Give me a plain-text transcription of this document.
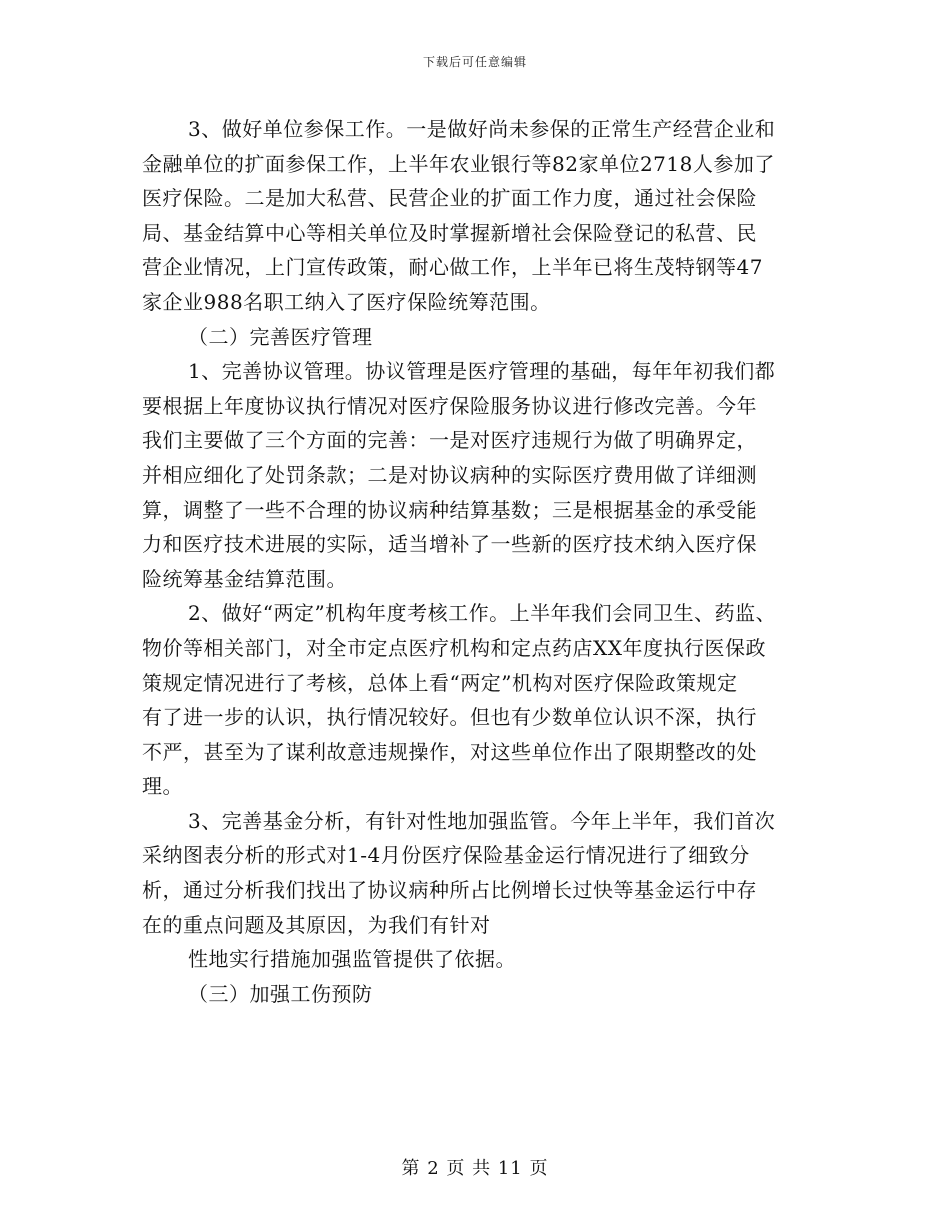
下载后可任意编辑
3、做好单位参保工作。一是做好尚未参保的正常生产经营企业和
金融单位的扩面参保工作，上半年农业银行等82家单位2718人参加了
医疗保险。二是加大私营、民营企业的扩面工作力度，通过社会保险
局、基金结算中心等相关单位及时掌握新增社会保险登记的私营、民
营企业情况，上门宣传政策，耐心做工作，上半年已将生茂特钢等47
家企业988名职工纳入了医疗保险统筹范围。
（二）完善医疗管理
1、完善协议管理。协议管理是医疗管理的基础，每年年初我们都
要根据上年度协议执行情况对医疗保险服务协议进行修改完善。今年
我们主要做了三个方面的完善：一是对医疗违规行为做了明确界定，
并相应细化了处罚条款；二是对协议病种的实际医疗费用做了详细测
算，调整了一些不合理的协议病种结算基数；三是根据基金的承受能
力和医疗技术进展的实际，适当增补了一些新的医疗技术纳入医疗保
险统筹基金结算范围。
2、做好“两定”机构年度考核工作。上半年我们会同卫生、药监、
物价等相关部门，对全市定点医疗机构和定点药店XX年度执行医保政
策规定情况进行了考核，总体上看“两定”机构对医疗保险政策规定
有了进一步的认识，执行情况较好。但也有少数单位认识不深，执行
不严，甚至为了谋利故意违规操作，对这些单位作出了限期整改的处
理。
3、完善基金分析，有针对性地加强监管。今年上半年，我们首次
采纳图表分析的形式对1-4月份医疗保险基金运行情况进行了细致分
析，通过分析我们找出了协议病种所占比例增长过快等基金运行中存
在的重点问题及其原因，为我们有针对
性地实行措施加强监管提供了依据。
（三）加强工伤预防
第 2 页 共 11 页
